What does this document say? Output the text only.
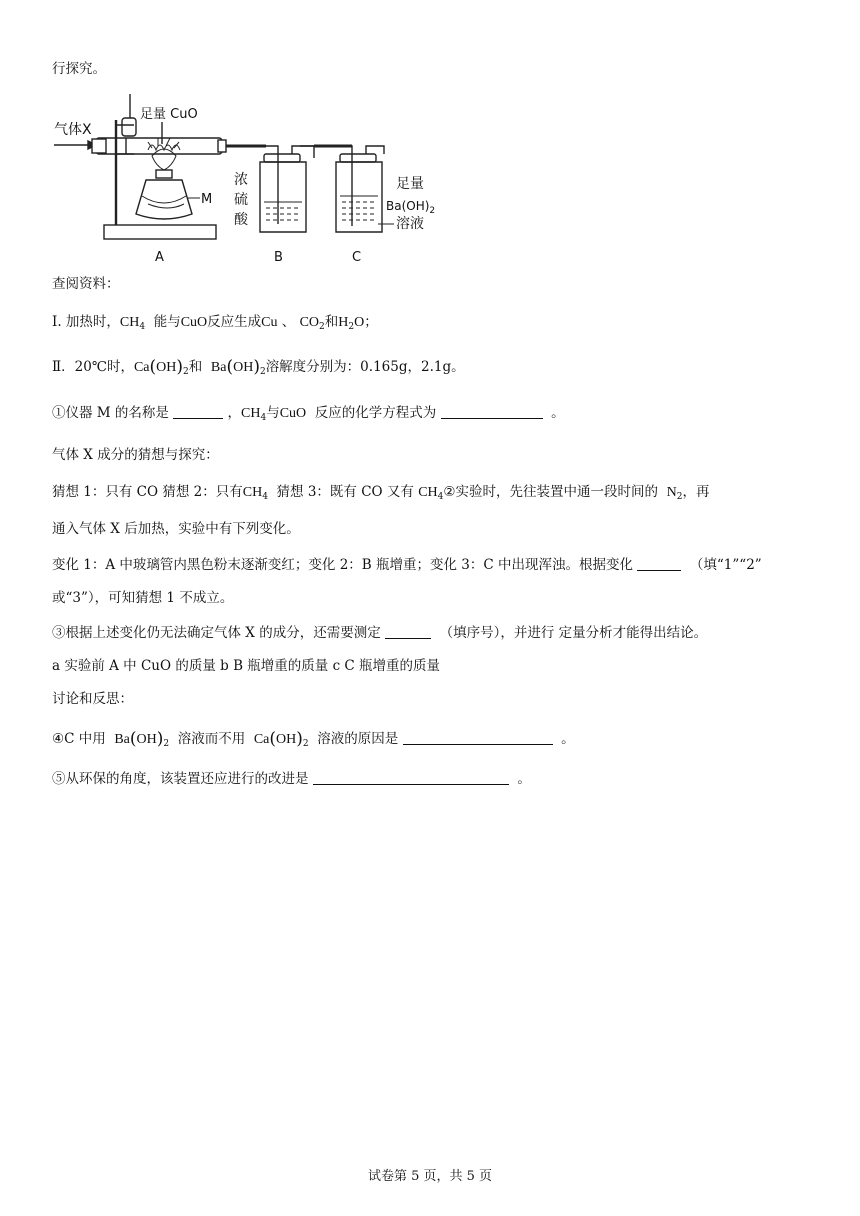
行探究。
气体X
足量 CuO
M
浓
硫
酸
足量
$Ba(OH)_2$
溶液
A	B	C
查阅资料：
I. 加热时，$CH_4$ 能与CuO反应生成Cu 、 $CO_2$和$H_2O$；
Ⅱ．20℃时，$Ca(OH)_2$和 $Ba(OH)_2$溶解度分别为：0.165g，2.1g。
①仪器 M 的名称是	，$CH_4$与CuO 反应的化学方程式为	。
气体 X 成分的猜想与探究：
猜想 1：只有 CO 猜想 2：只有$CH_4$ 猜想 3：既有 CO 又有 $CH_4②$实验时，先往装置中通一段时间的 $N_2$，再
通入气体 X 后加热，实验中有下列变化。
变化 1：A 中玻璃管内黑色粉末逐渐变红；变化 2：B 瓶增重；变化 3：C 中出现浑浊。根据变化	（填“1”“2”
或“3”），可知猜想 1 不成立。
③根据上述变化仍无法确定气体 X 的成分，还需要测定	（填序号），并进行 定量分析才能得出结论。
a 实验前 A 中 CuO 的质量 b B 瓶增重的质量 c C 瓶增重的质量
讨论和反思：
④C 中用 $Ba(OH)_2$ 溶液而不用 $Ca(OH)_2$ 溶液的原因是	。
⑤从环保的角度，该装置还应进行的改进是	。
试卷第 5 页，共 5 页
